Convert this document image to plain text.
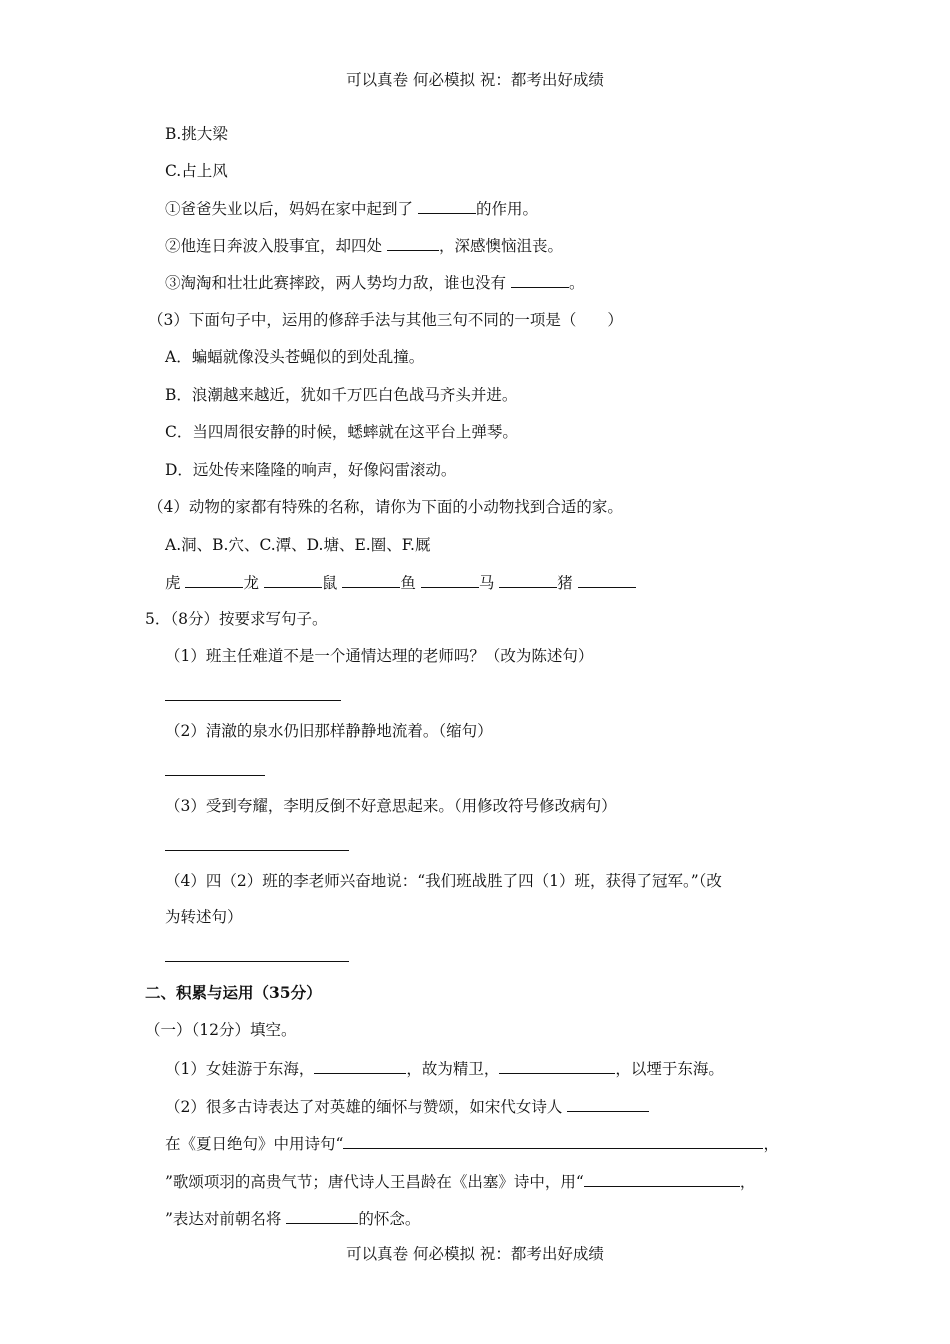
可以真卷 何必模拟 祝：都考出好成绩
B.挑大梁
C.占上风
①爸爸失业以后，妈妈在家中起到了	的作用。
②他连日奔波入股事宜，却四处	，深感懊恼沮丧。
③淘淘和壮壮此赛摔跤，两人势均力敌，谁也没有	。
（3）下面句子中，运用的修辞手法与其他三句不同的一项是（　　）
A．蝙蝠就像没头苍蝇似的到处乱撞。
B．浪潮越来越近，犹如千万匹白色战马齐头并进。
C．当四周很安静的时候，蟋蟀就在这平台上弹琴。
D．远处传来隆隆的响声，好像闷雷滚动。
（4）动物的家都有特殊的名称，请你为下面的小动物找到合适的家。
A.洞、B.穴、C.潭、D.塘、E.圈、F.厩
虎	龙	鼠	鱼	马	猪
5．（8分）按要求写句子。
（1）班主任难道不是一个通情达理的老师吗？（改为陈述句）
（2）清澈的泉水仍旧那样静静地流着。（缩句）
（3）受到夸耀，李明反倒不好意思起来。（用修改符号修改病句）
（4）四（2）班的李老师兴奋地说：“我们班战胜了四（1）班，获得了冠军。”（改
为转述句）
二、积累与运用（35分）
（一）（12分）填空。
（1）女娃游于东海，	，故为精卫，	，以堙于东海。
（2）很多古诗表达了对英雄的缅怀与赞颂，如宋代女诗人
在《夏日绝句》中用诗句“	，
”歌颂项羽的高贵气节；唐代诗人王昌龄在《出塞》诗中，用“	，
”表达对前朝名将	的怀念。
可以真卷 何必模拟 祝：都考出好成绩
